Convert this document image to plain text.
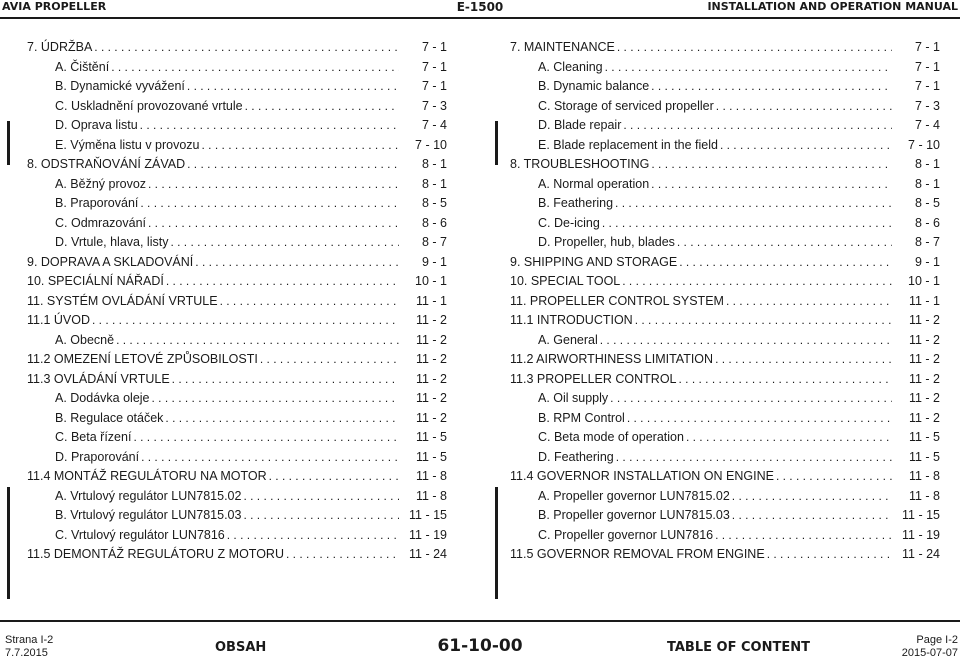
AVIA PROPELLER	E-1500	INSTALLATION AND OPERATION MANUAL
7. ÚDRŽBA . . .	7 - 1
A. Čištění . . .	7 - 1
B. Dynamické vyvážení . . .	7 - 1
C. Uskladnění provozované vrtule . . .	7 - 3
D. Oprava listu . . .	7 - 4
E. Výměna listu v provozu . . .	7 - 10
8. ODSTRAŇOVÁNÍ ZÁVAD . . .	8 - 1
A. Běžný provoz . . .	8 - 1
B. Praporování . . .	8 - 5
C. Odmrazování . . .	8 - 6
D. Vrtule, hlava, listy . . .	8 - 7
9. DOPRAVA A SKLADOVÁNÍ . . .	9 - 1
10. SPECIÁLNÍ NÁŘADÍ . . .	10 - 1
11. SYSTÉM OVLÁDÁNÍ VRTULE . . .	11 - 1
11.1 ÚVOD . . .	11 - 2
A. Obecně . . .	11 - 2
11.2 OMEZENÍ LETOVÉ ZPŮSOBILOSTI . . .	11 - 2
11.3 OVLÁDÁNÍ VRTULE . . .	11 - 2
A. Dodávka oleje . . .	11 - 2
B. Regulace otáček . . .	11 - 2
C. Beta řízení . . .	11 - 5
D. Praporování . . .	11 - 5
11.4 MONTÁŽ REGULÁTORU NA MOTOR . . .	11 - 8
A. Vrtulový regulátor LUN7815.02 . . .	11 - 8
B. Vrtulový regulátor LUN7815.03 . . .	11 - 15
C. Vrtulový regulátor LUN7816 . . .	11 - 19
11.5 DEMONTÁŽ REGULÁTORU Z MOTORU . . .	11 - 24
7. MAINTENANCE . . .	7 - 1
A. Cleaning . . .	7 - 1
B. Dynamic balance . . .	7 - 1
C. Storage of serviced propeller . . .	7 - 3
D. Blade repair . . .	7 - 4
E. Blade replacement in the field . . .	7 - 10
8. TROUBLESHOOTING . . .	8 - 1
A. Normal operation . . .	8 - 1
B. Feathering . . .	8 - 5
C. De-icing . . .	8 - 6
D. Propeller, hub, blades . . .	8 - 7
9. SHIPPING AND STORAGE . . .	9 - 1
10. SPECIAL TOOL . . .	10 - 1
11. PROPELLER CONTROL SYSTEM . . .	11 - 1
11.1 INTRODUCTION . . .	11 - 2
A. General . . .	11 - 2
11.2 AIRWORTHINESS LIMITATION . . .	11 - 2
11.3 PROPELLER CONTROL . . .	11 - 2
A. Oil supply . . .	11 - 2
B. RPM Control . . .	11 - 2
C. Beta mode of operation . . .	11 - 5
D. Feathering . . .	11 - 5
11.4 GOVERNOR INSTALLATION ON ENGINE . . .	11 - 8
A. Propeller governor LUN7815.02 . . .	11 - 8
B. Propeller governor LUN7815.03 . . .	11 - 15
C. Propeller governor LUN7816 . . .	11 - 19
11.5 GOVERNOR REMOVAL FROM ENGINE . . .	11 - 24
Strana I-2
7.7.2015	OBSAH	61-10-00	TABLE OF CONTENT	Page I-2
2015-07-07
